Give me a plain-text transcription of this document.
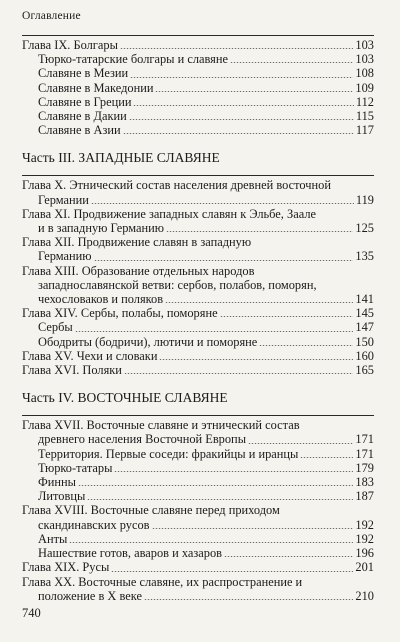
Оглавление
Глава IX. Болгары	103
Тюрко-татарские болгары и славяне	103
Славяне в Мезии	108
Славяне в Македонии	109
Славяне в Греции	112
Славяне в Дакии	115
Славяне в Азии	117
Часть III. ЗАПАДНЫЕ СЛАВЯНЕ
Глава X. Этнический состав населения древней восточной
Германии	119
Глава XI. Продвижение западных славян к Эльбе, Заале
и в западную Германию	125
Глава XII. Продвижение славян в западную
Германию	135
Глава XIII. Образование отдельных народов
западнославянской ветви: сербов, полабов, поморян,
чехословаков и поляков	141
Глава XIV. Сербы, полабы, поморяне	145
Сербы	147
Ободриты (бодричи), лютичи и поморяне	150
Глава XV. Чехи и словаки	160
Глава XVI. Поляки	165
Часть IV. ВОСТОЧНЫЕ СЛАВЯНЕ
Глава XVII. Восточные славяне и этнический состав
древнего населения Восточной Европы	171
Территория. Первые соседи: фракийцы и иранцы	171
Тюрко-татары	179
Финны	183
Литовцы	187
Глава XVIII. Восточные славяне перед приходом
скандинавских русов	192
Анты	192
Нашествие готов, аваров и хазаров	196
Глава XIX. Русы	201
Глава XX. Восточные славяне, их распространение и
положение в X веке	210
740
